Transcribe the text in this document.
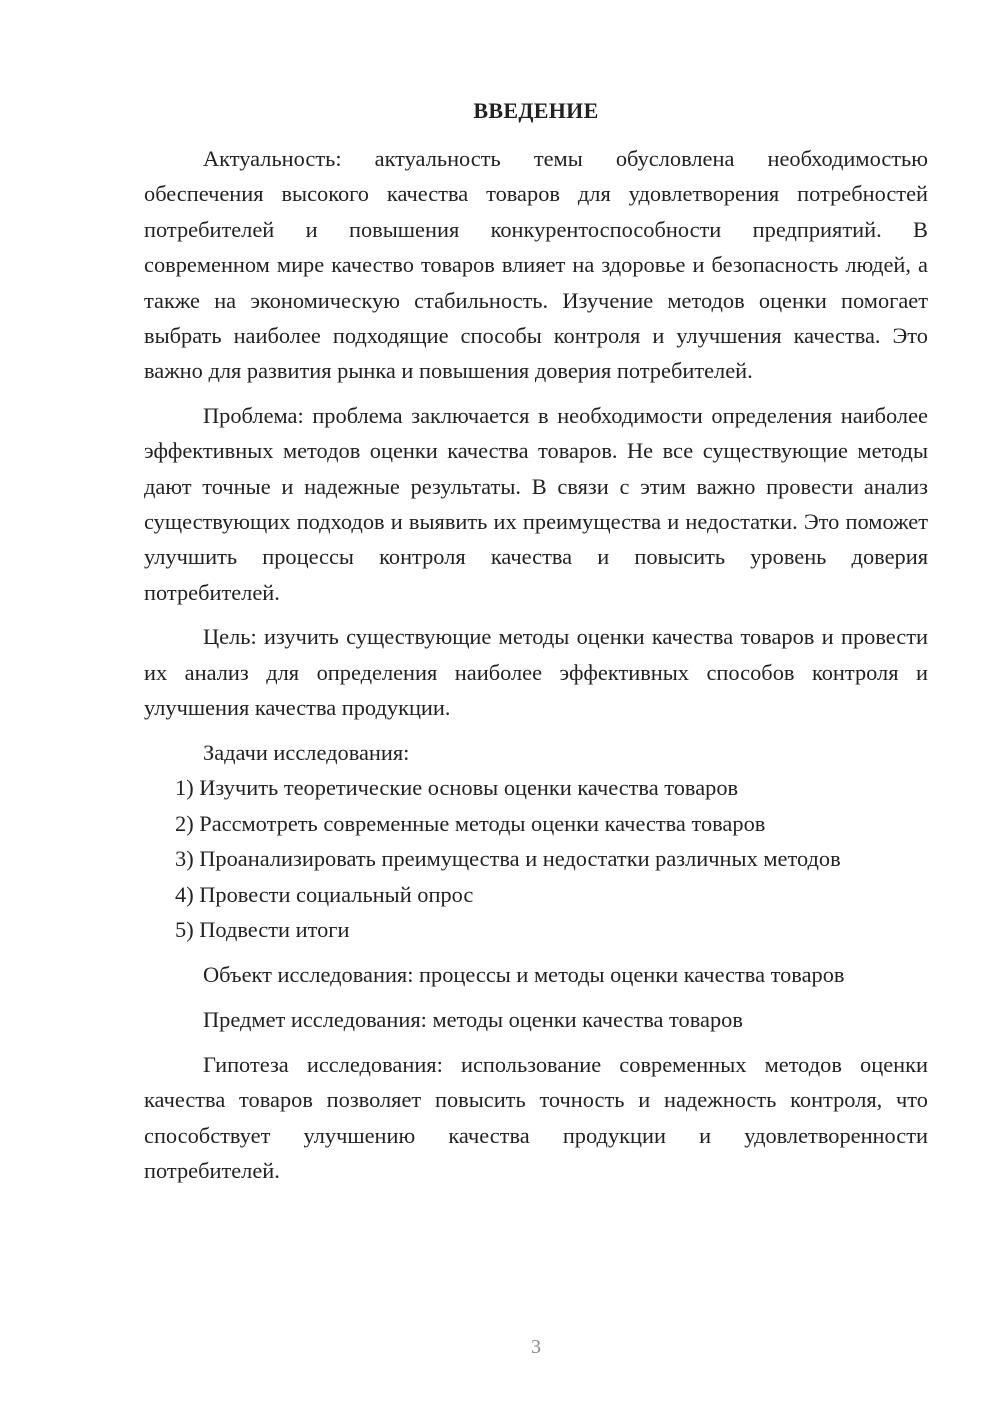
ВВЕДЕНИЕ

Актуальность: актуальность темы обусловлена необходимостью обеспечения высокого качества товаров для удовлетворения потребностей потребителей и повышения конкурентоспособности предприятий. В современном мире качество товаров влияет на здоровье и безопасность людей, а также на экономическую стабильность. Изучение методов оценки помогает выбрать наиболее подходящие способы контроля и улучшения качества. Это важно для развития рынка и повышения доверия потребителей.

Проблема: проблема заключается в необходимости определения наиболее эффективных методов оценки качества товаров. Не все существующие методы дают точные и надежные результаты. В связи с этим важно провести анализ существующих подходов и выявить их преимущества и недостатки. Это поможет улучшить процессы контроля качества и повысить уровень доверия потребителей.

Цель: изучить существующие методы оценки качества товаров и провести их анализ для определения наиболее эффективных способов контроля и улучшения качества продукции.

Задачи исследования:

1) Изучить теоретические основы оценки качества товаров

2) Рассмотреть современные методы оценки качества товаров

3) Проанализировать преимущества и недостатки различных методов

4) Провести социальный опрос

5) Подвести итоги

Объект исследования: процессы и методы оценки качества товаров

Предмет исследования: методы оценки качества товаров

Гипотеза исследования: использование современных методов оценки качества товаров позволяет повысить точность и надежность контроля, что способствует улучшению качества продукции и удовлетворенности потребителей.

3
